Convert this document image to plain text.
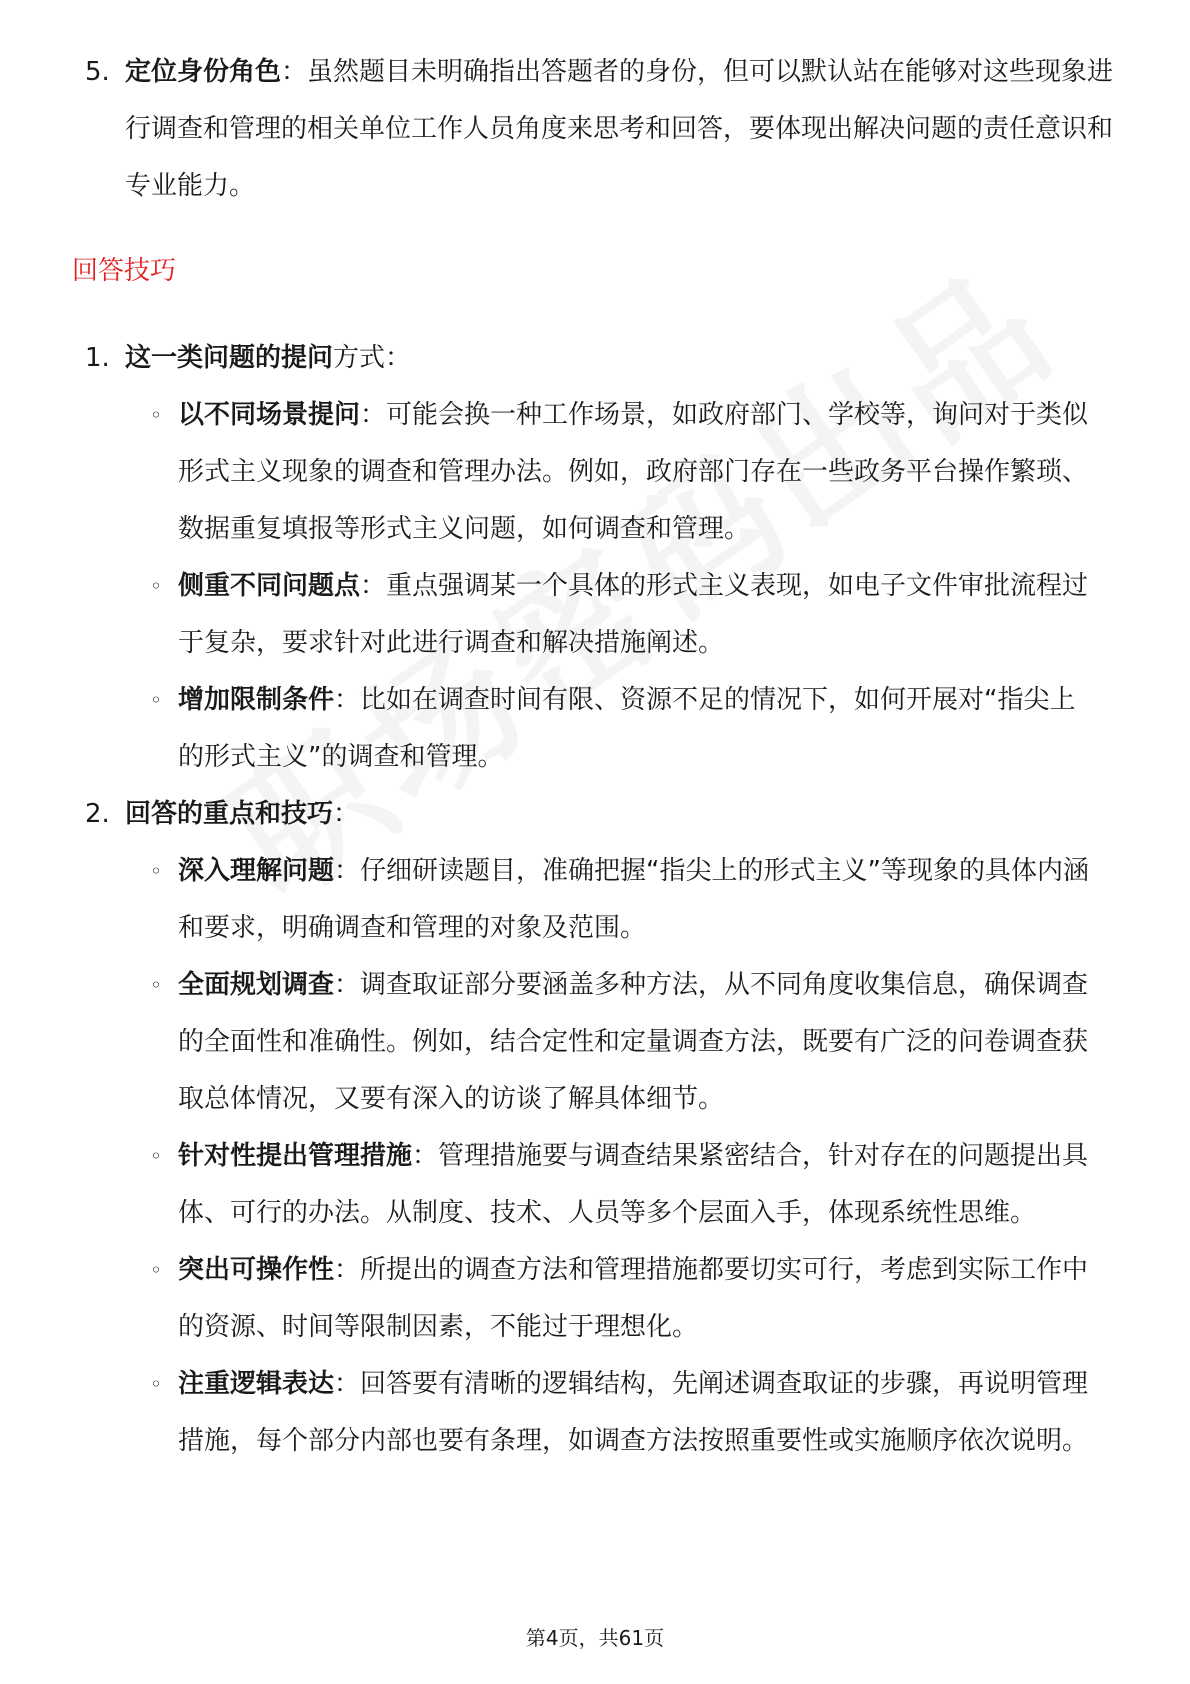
5. 定位身份角色：虽然题目未明确指出答题者的身份，但可以默认站在能够对这些现象进行调查和管理的相关单位工作人员角度来思考和回答，要体现出解决问题的责任意识和专业能力。
回答技巧
1. 这一类问题的提问方式：
◦ 以不同场景提问：可能会换一种工作场景，如政府部门、学校等，询问对于类似形式主义现象的调查和管理办法。例如，政府部门存在一些政务平台操作繁琐、数据重复填报等形式主义问题，如何调查和管理。
◦ 侧重不同问题点：重点强调某一个具体的形式主义表现，如电子文件审批流程过于复杂，要求针对此进行调查和解决措施阐述。
◦ 增加限制条件：比如在调查时间有限、资源不足的情况下，如何开展对“指尖上的形式主义”的调查和管理。
2. 回答的重点和技巧：
◦ 深入理解问题：仔细研读题目，准确把握“指尖上的形式主义”等现象的具体内涵和要求，明确调查和管理的对象及范围。
◦ 全面规划调查：调查取证部分要涵盖多种方法，从不同角度收集信息，确保调查的全面性和准确性。例如，结合定性和定量调查方法，既要有广泛的问卷调查获取总体情况，又要有深入的访谈了解具体细节。
◦ 针对性提出管理措施：管理措施要与调查结果紧密结合，针对存在的问题提出具体、可行的办法。从制度、技术、人员等多个层面入手，体现系统性思维。
◦ 突出可操作性：所提出的调查方法和管理措施都要切实可行，考虑到实际工作中的资源、时间等限制因素，不能过于理想化。
◦ 注重逻辑表达：回答要有清晰的逻辑结构，先阐述调查取证的步骤，再说明管理措施，每个部分内部也要有条理，如调查方法按照重要性或实施顺序依次说明。
第4页，共61页
